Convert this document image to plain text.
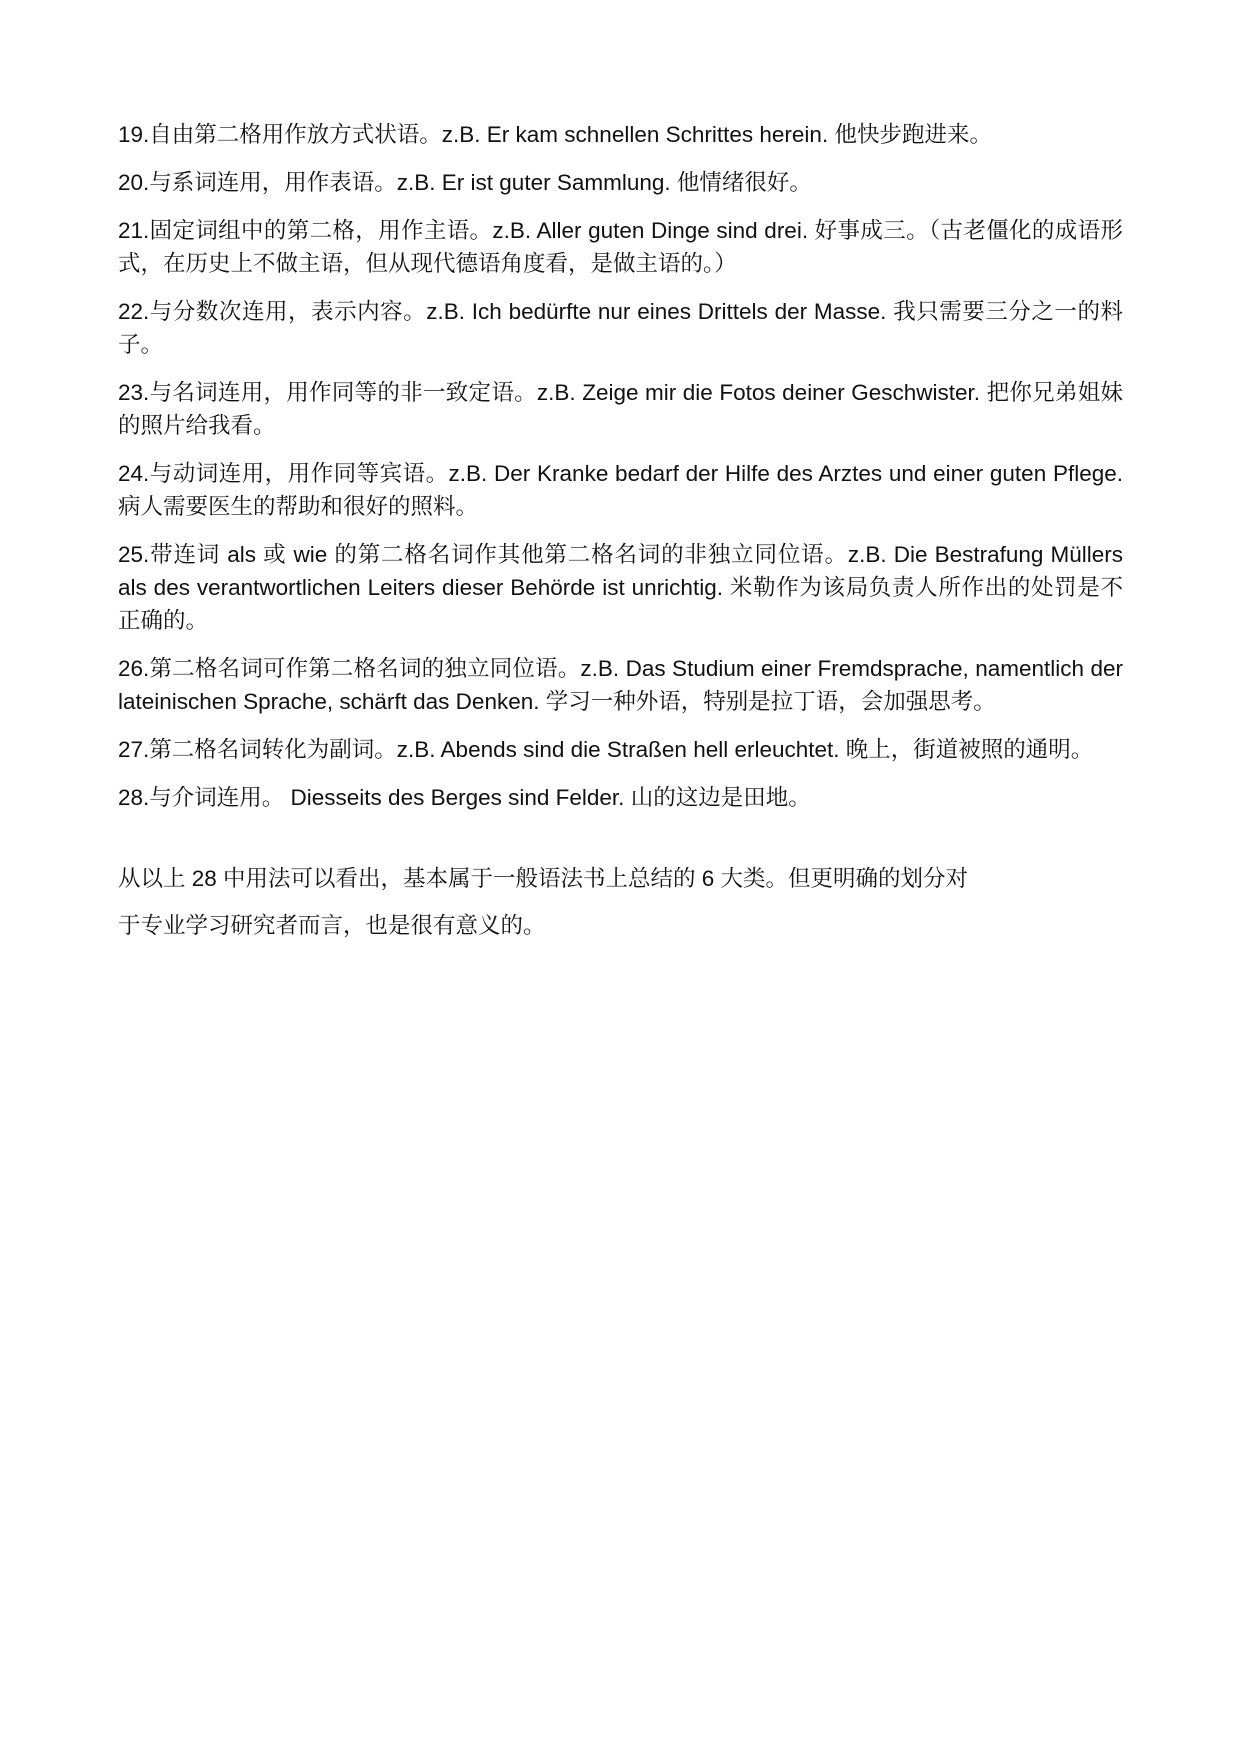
19.自由第二格用作放方式状语。z.B. Er kam schnellen Schrittes herein. 他快步跑进来。

20.与系词连用，用作表语。z.B. Er ist guter Sammlung. 他情绪很好。

21.固定词组中的第二格，用作主语。z.B. Aller guten Dinge sind drei. 好事成三。（古老僵化的成语形式，在历史上不做主语，但从现代德语角度看，是做主语的。）

22.与分数次连用，表示内容。z.B. Ich bedürfte nur eines Drittels der Masse. 我只需要三分之一的料子。

23.与名词连用，用作同等的非一致定语。z.B. Zeige mir die Fotos deiner Geschwister. 把你兄弟姐妹的照片给我看。

24.与动词连用，用作同等宾语。z.B. Der Kranke bedarf der Hilfe des Arztes und einer guten Pflege. 病人需要医生的帮助和很好的照料。

25.带连词 als 或 wie 的第二格名词作其他第二格名词的非独立同位语。z.B. Die Bestrafung Müllers als des verantwortlichen Leiters dieser Behörde ist unrichtig. 米勒作为该局负责人所作出的处罚是不正确的。

26.第二格名词可作第二格名词的独立同位语。z.B. Das Studium einer Fremdsprache, namentlich der lateinischen Sprache, schärft das Denken. 学习一种外语，特别是拉丁语，会加强思考。

27.第二格名词转化为副词。z.B. Abends sind die Straßen hell erleuchtet. 晚上，街道被照的通明。

28.与介词连用。 Diesseits des Berges sind Felder. 山的这边是田地。

从以上 28 中用法可以看出，基本属于一般语法书上总结的 6 大类。但更明确的划分对

于专业学习研究者而言，也是很有意义的。
